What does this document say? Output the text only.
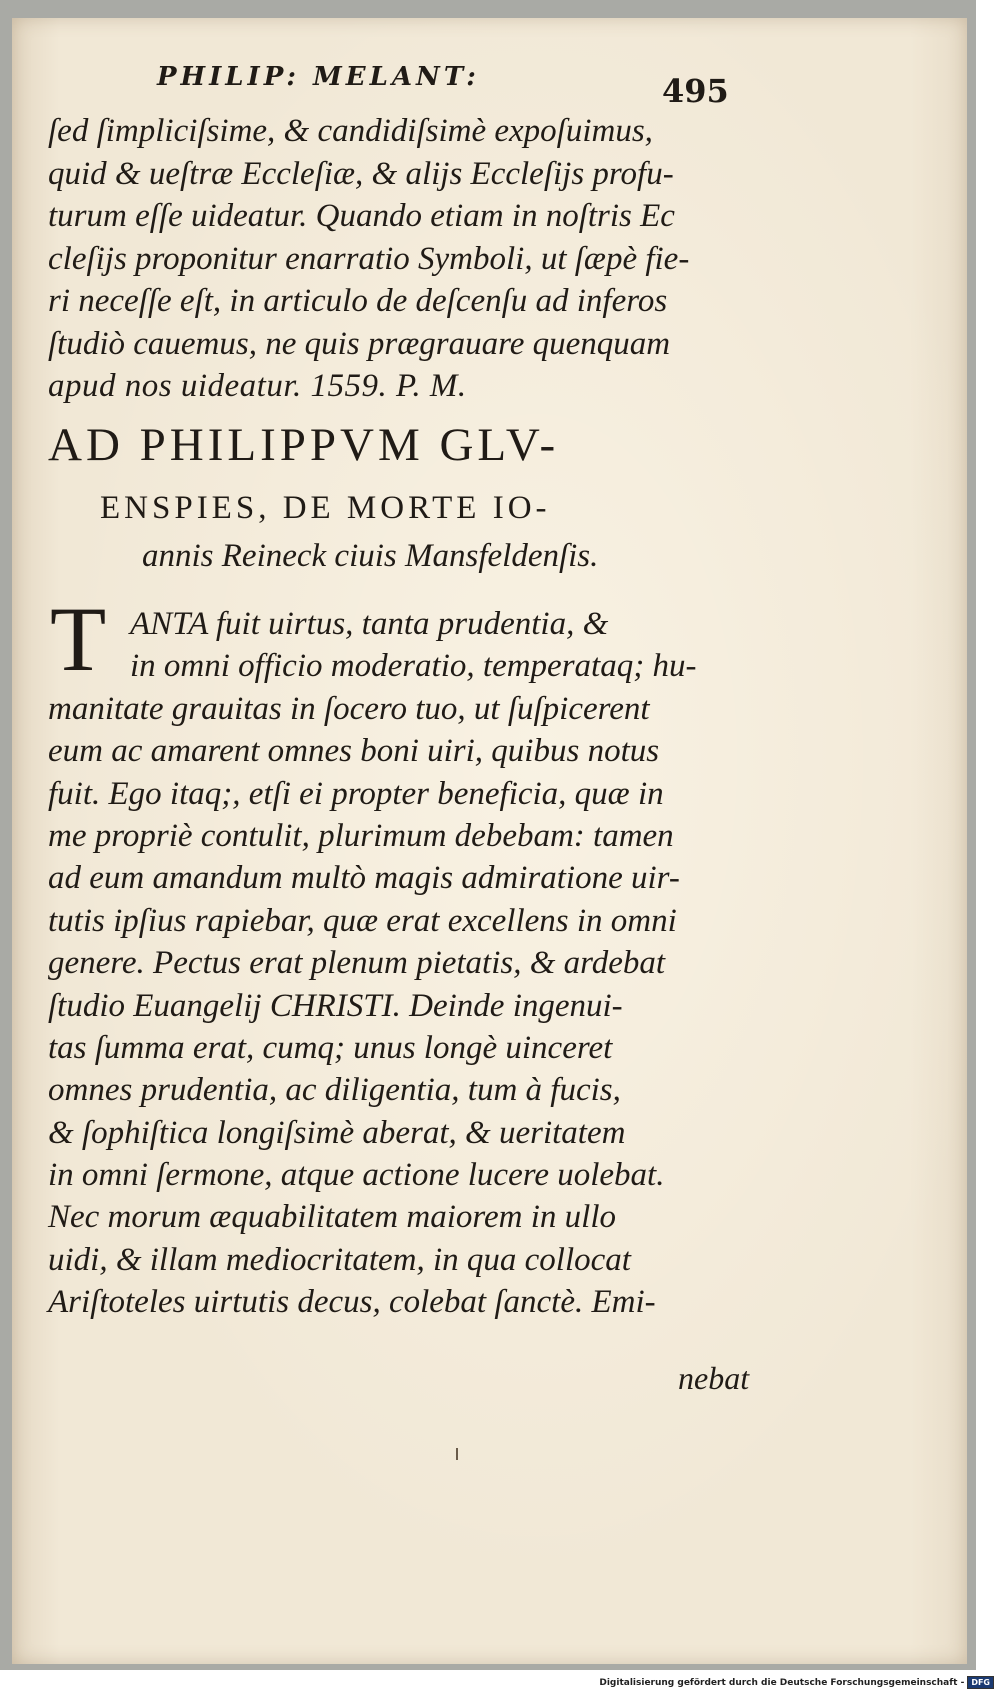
PHILIP: MELANT:	495
ſed ſimpliciſsime, & candidiſsimè expoſuimus,
quid & ueſtræ Eccleſiæ, & alijs Eccleſijs profu-
turum eſſe uideatur. Quando etiam in noſtris Ec
cleſijs proponitur enarratio Symboli, ut ſæpè fie-
ri neceſſe eſt, in articulo de deſcenſu ad inferos
ſtudiò cauemus, ne quis prægrauare quenquam
apud nos uideatur. 1559. P. M.
AD PHILIPPVM GLV-
ENSPIES, DE MORTE IO-
annis Reineck ciuis Mansfeldenſis.
T ANTA fuit uirtus, tanta prudentia, &
in omni officio moderatio, temperataq; hu-
manitate grauitas in ſocero tuo, ut ſuſpicerent
eum ac amarent omnes boni uiri, quibus notus
fuit. Ego itaq;, etſi ei propter beneficia, quæ in
me propriè contulit, plurimum debebam: tamen
ad eum amandum multò magis admiratione uir-
tutis ipſius rapiebar, quæ erat excellens in omni
genere. Pectus erat plenum pietatis, & ardebat
ſtudio Euangelij CHRISTI. Deinde ingenui-
tas ſumma erat, cumq; unus longè uinceret
omnes prudentia, ac diligentia, tum à fucis,
& ſophiſtica longiſsimè aberat, & ueritatem
in omni ſermone, atque actione lucere uolebat.
Nec morum æquabilitatem maiorem in ullo
uidi, & illam mediocritatem, in qua collocat
Ariſtoteles uirtutis decus, colebat ſanctè. Emi-
nebat
Digitalisierung gefördert durch die Deutsche Forschungsgemeinschaft - DFG
